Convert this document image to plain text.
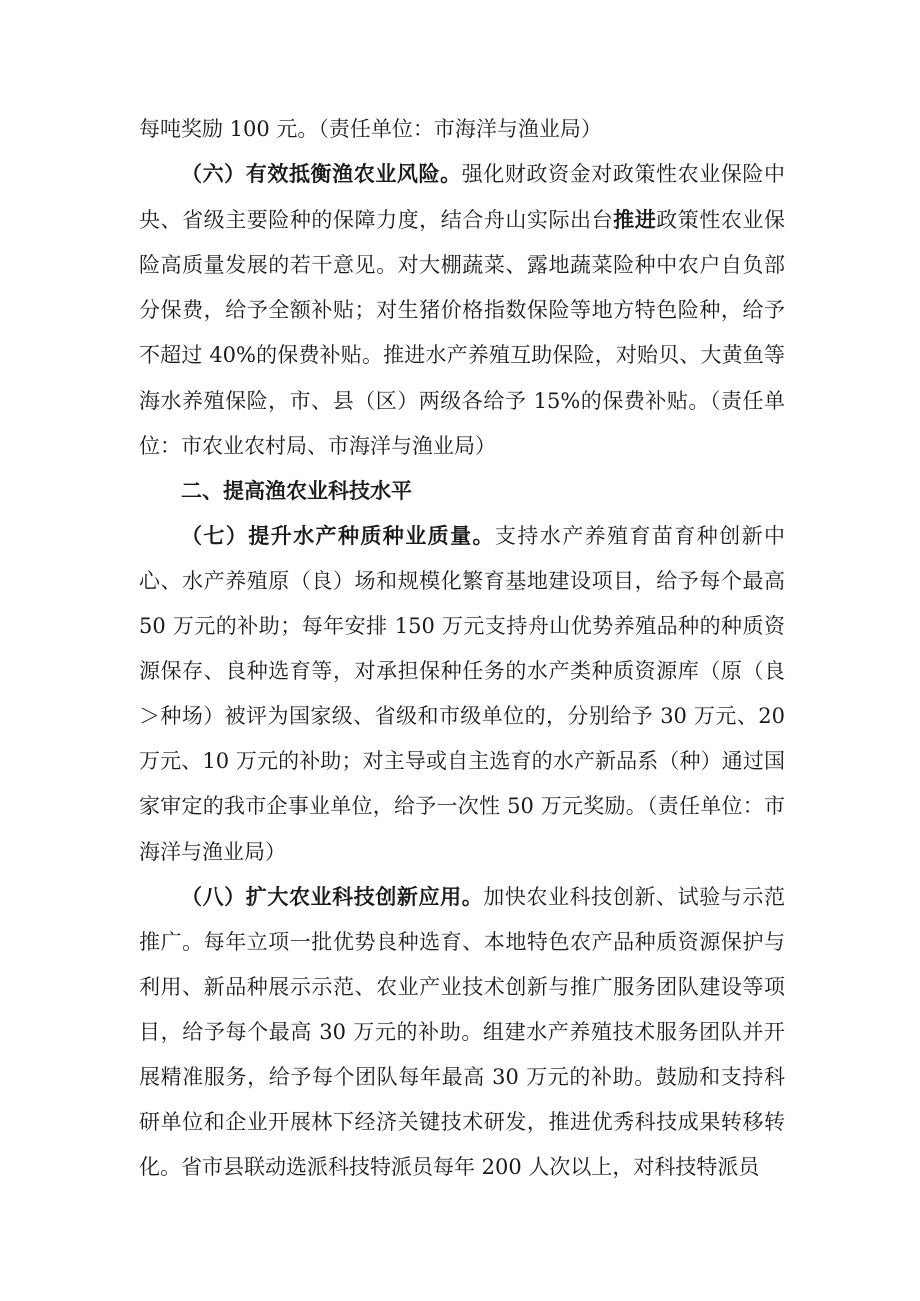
每吨奖励 100 元。（责任单位：市海洋与渔业局）

（六）有效抵衡渔农业风险。强化财政资金对政策性农业保险中央、省级主要险种的保障力度，结合舟山实际出台推进政策性农业保险高质量发展的若干意见。对大棚蔬菜、露地蔬菜险种中农户自负部分保费，给予全额补贴；对生猪价格指数保险等地方特色险种，给予不超过 40%的保费补贴。推进水产养殖互助保险，对贻贝、大黄鱼等海水养殖保险，市、县（区）两级各给予 15%的保费补贴。（责任单位：市农业农村局、市海洋与渔业局）

二、提高渔农业科技水平

（七）提升水产种质种业质量。支持水产养殖育苗育种创新中心、水产养殖原（良）场和规模化繁育基地建设项目，给予每个最高 50 万元的补助；每年安排 150 万元支持舟山优势养殖品种的种质资源保存、良种选育等，对承担保种任务的水产类种质资源库（原（良＞种场）被评为国家级、省级和市级单位的，分别给予 30 万元、20 万元、10 万元的补助；对主导或自主选育的水产新品系（种）通过国家审定的我市企事业单位，给予一次性 50 万元奖励。（责任单位：市海洋与渔业局）

（八）扩大农业科技创新应用。加快农业科技创新、试验与示范推广。每年立项一批优势良种选育、本地特色农产品种质资源保护与利用、新品种展示示范、农业产业技术创新与推广服务团队建设等项目，给予每个最高 30 万元的补助。组建水产养殖技术服务团队并开展精准服务，给予每个团队每年最高 30 万元的补助。鼓励和支持科研单位和企业开展林下经济关键技术研发，推进优秀科技成果转移转化。省市县联动选派科技特派员每年 200 人次以上，对科技特派员
